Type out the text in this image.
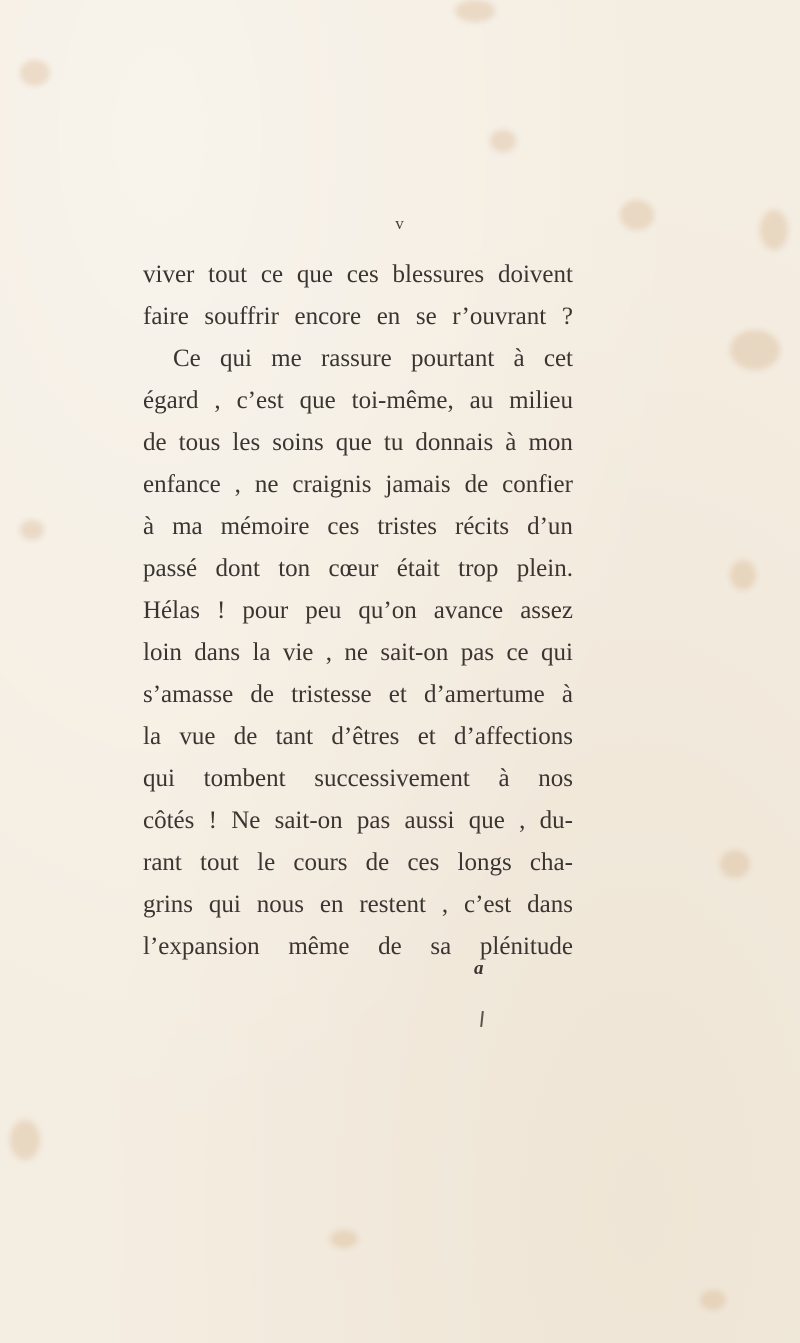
v
viver tout ce que ces blessures doivent
faire souffrir encore en se r’ouvrant ?
Ce qui me rassure pourtant à cet
égard , c’est que toi-même, au milieu
de tous les soins que tu donnais à mon
enfance , ne craignis jamais de confier
à ma mémoire ces tristes récits d’un
passé dont ton cœur était trop plein.
Hélas ! pour peu qu’on avance assez
loin dans la vie , ne sait-on pas ce qui
s’amasse de tristesse et d’amertume à
la vue de tant d’êtres et d’affections
qui tombent successivement à nos
côtés ! Ne sait-on pas aussi que , du-
rant tout le cours de ces longs cha-
grins qui nous en restent , c’est dans
l’expansion même de sa plénitude
a
